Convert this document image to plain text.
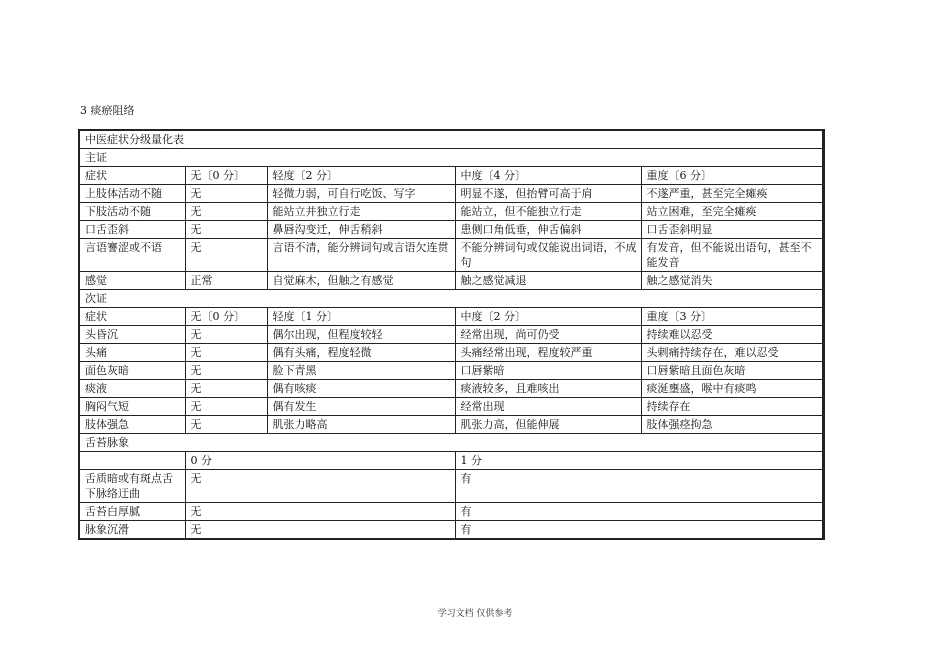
3 痰瘀阻络
中医症状分级量化表				
主证				
症状	无〔0 分〕	轻度〔2 分〕	中度〔4 分〕	重度〔6 分〕
上肢体活动不随	无	轻微力弱，可自行吃饭、写字	明显不遂，但抬臂可高于肩	不遂严重，甚至完全瘫痪
下肢活动不随	无	能站立并独立行走	能站立，但不能独立行走	站立困难，至完全瘫痪
口舌歪斜	无	鼻唇沟变迁，伸舌稍斜	患侧口角低垂，伸舌偏斜	口舌歪斜明显
言语謇涩或不语	无	言语不清，能分辨词句或言语欠连贯	不能分辨词句或仅能说出词语，不成句	有发音，但不能说出语句，甚至不能发音
感觉	正常	自觉麻木，但触之有感觉	触之感觉减退	触之感觉消失
次证				
症状	无〔0 分〕	轻度〔1 分〕	中度〔2 分〕	重度〔3 分〕
头昏沉	无	偶尔出现，但程度较轻	经常出现，尚可仍受	持续难以忍受
头痛	无	偶有头痛，程度轻微	头痛经常出现，程度较严重	头剌痛持续存在，难以忍受
面色灰暗	无	脸下青黑	口唇紫暗	口唇紫暗且面色灰暗
痰液	无	偶有咳痰	痰液较多，且难咳出	痰涎壅盛，喉中有痰鸣
胸闷气短	无	偶有发生	经常出现	持续存在
肢体强急	无	肌张力略高	肌张力高，但能伸展	肢体强痉拘急
舌苔脉象				
	0 分		1 分	
舌质暗或有斑点舌下脉络迂曲	无		有	
舌苔白厚腻	无		有	
脉象沉滑	无		有	
学习文档 仅供参考
